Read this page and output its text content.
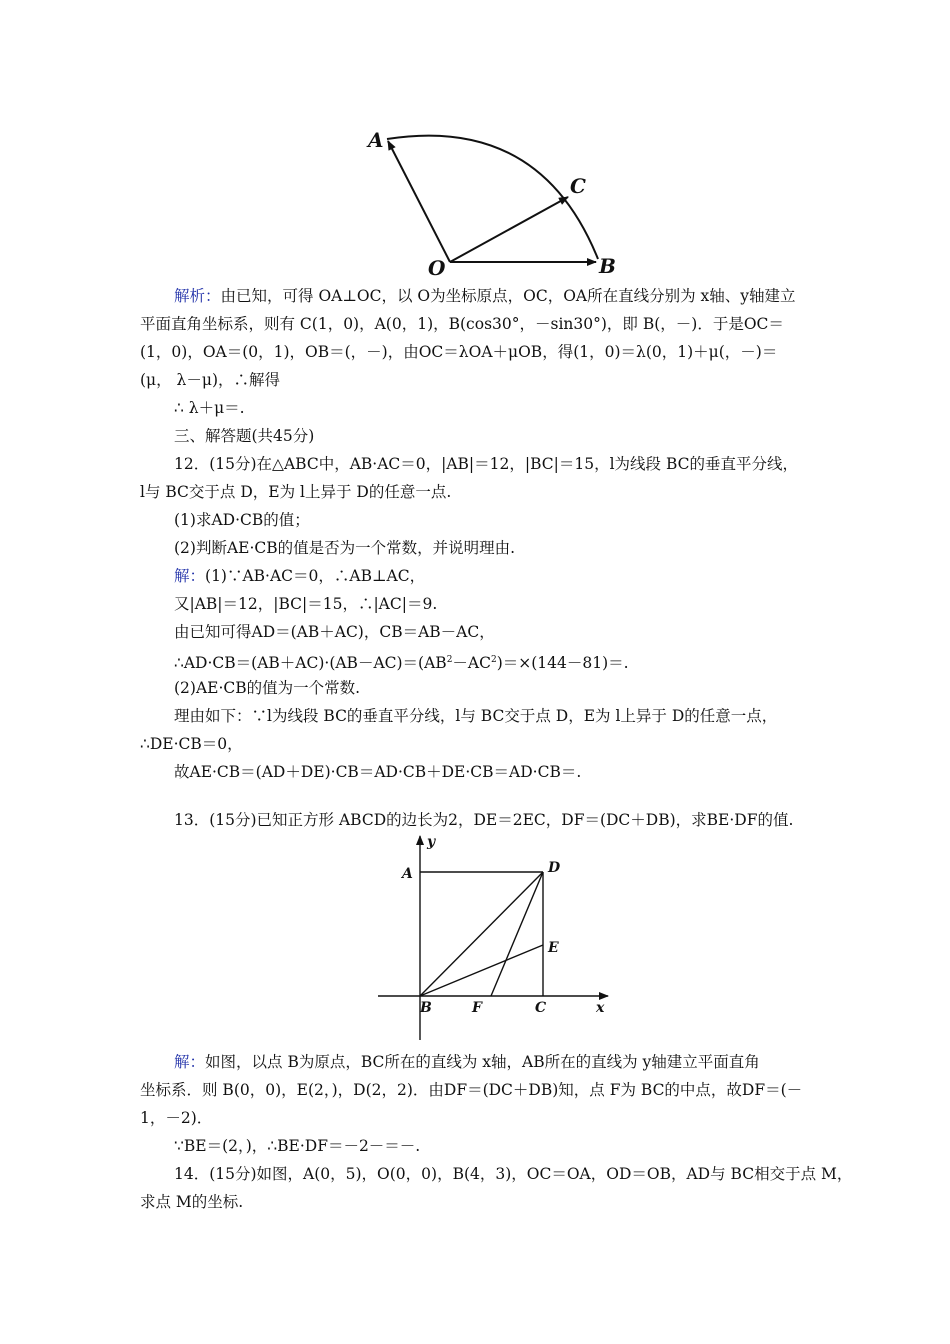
A
C
O	B
解析：由已知，可得 OA⊥OC，以 O为坐标原点，OC，OA所在直线分别为 x轴、y轴建立
平面直角坐标系，则有 C(1，0)，A(0，1)，B(cos30°，－sin30°)，即 B(，－)．于是OC＝
(1，0)，OA＝(0，1)，OB＝(，－)，由OC＝λOA＋μOB，得(1，0)＝λ(0，1)＋μ(，－)＝
(μ， λ－μ)，∴解得
∴ λ＋μ＝.
三、解答题(共45分)
12．(15分)在△ABC中，AB·AC＝0，|AB|＝12，|BC|＝15，l为线段 BC的垂直平分线，
l与 BC交于点 D，E为 l上异于 D的任意一点.
(1)求AD·CB的值；
(2)判断AE·CB的值是否为一个常数，并说明理由.
解：(1)∵AB·AC＝0，∴AB⊥AC，
又|AB|＝12，|BC|＝15，∴|AC|＝9.
由已知可得AD＝(AB＋AC)，CB＝AB－AC，
$\therefore AD\cdot CB=(AB+AC)\cdot(AB-AC)=(AB^2-AC^2)=\times(144-81)=$.
(2)AE·CB的值为一个常数.
理由如下：∵l为线段 BC的垂直平分线，l与 BC交于点 D，E为 l上异于 D的任意一点，
∴DE·CB＝0，
故AE·CB＝(AD＋DE)·CB＝AD·CB＋DE·CB＝AD·CB＝.
13．(15分)已知正方形 ABCD的边长为2，DE＝2EC，DF＝(DC＋DB)，求BE·DF的值.
y
A	D
E
B	F	C	x
解：如图，以点 B为原点，BC所在的直线为 x轴，AB所在的直线为 y轴建立平面直角
坐标系．则 B(0，0)，E(2，)，D(2，2)．由DF＝(DC＋DB)知，点 F为 BC的中点，故DF＝(－
1，－2)．
∵BE＝(2，)，∴BE·DF＝－2－＝－.
14．(15分)如图，A(0，5)，O(0，0)，B(4，3)，OC＝OA，OD＝OB，AD与 BC相交于点 M，
求点 M的坐标.
